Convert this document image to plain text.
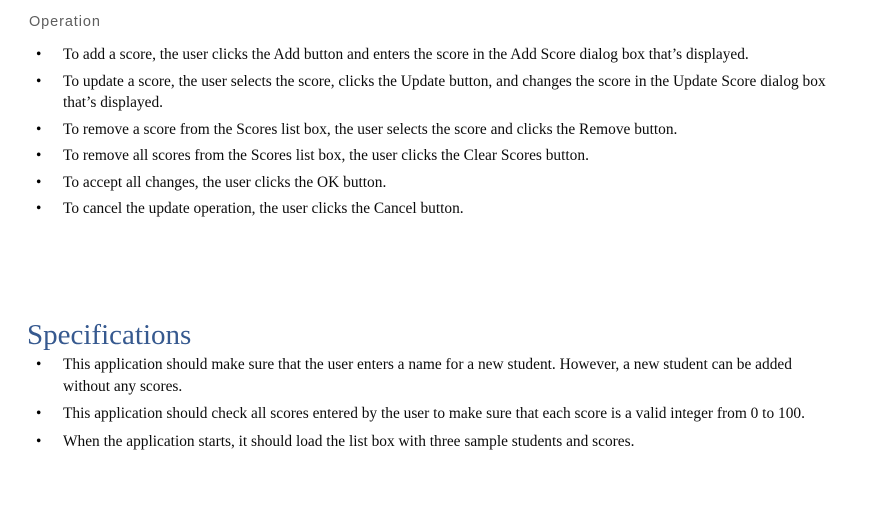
Operation
•	To add a score, the user clicks the Add button and enters the score in the Add Score dialog box that’s displayed.
•	To update a score, the user selects the score, clicks the Update button, and changes the score in the Update Score dialog box that’s displayed.
•	To remove a score from the Scores list box, the user selects the score and clicks the Remove button.
•	To remove all scores from the Scores list box, the user clicks the Clear Scores button.
•	To accept all changes, the user clicks the OK button.
•	To cancel the update operation, the user clicks the Cancel button.
Specifications
•	This application should make sure that the user enters a name for a new student. However, a new student can be added without any scores.
•	This application should check all scores entered by the user to make sure that each score is a valid integer from 0 to 100.
•	When the application starts, it should load the list box with three sample students and scores.
